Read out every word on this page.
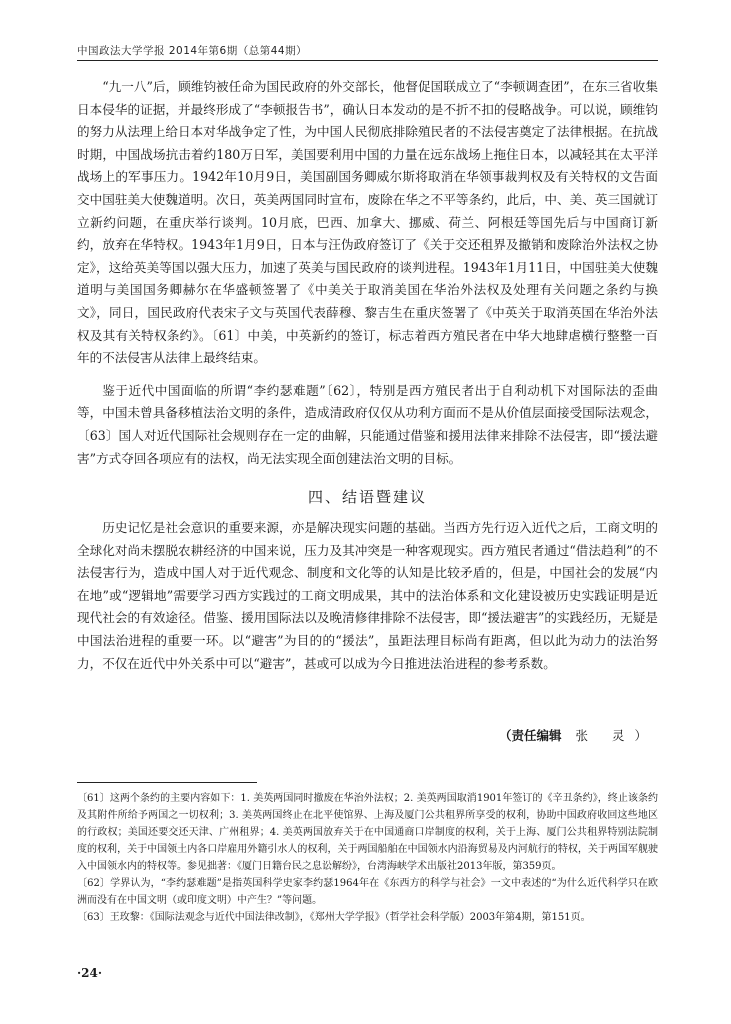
中国政法大学学报 2014年第6期（总第44期）

“九一八”后，顾维钧被任命为国民政府的外交部长，他督促国联成立了“李顿调查团”，在东三省收集日本侵华的证据，并最终形成了“李顿报告书”，确认日本发动的是不折不扣的侵略战争。可以说，顾维钧的努力从法理上给日本对华战争定了性，为中国人民彻底排除殖民者的不法侵害奠定了法律根据。在抗战时期，中国战场抗击着约180万日军，美国要利用中国的力量在远东战场上拖住日本，以减轻其在太平洋战场上的军事压力。1942年10月9日，美国副国务卿威尔斯将取消在华领事裁判权及有关特权的文告面交中国驻美大使魏道明。次日，英美两国同时宣布，废除在华之不平等条约，此后，中、美、英三国就订立新约问题，在重庆举行谈判。10月底，巴西、加拿大、挪威、荷兰、阿根廷等国先后与中国商订新约，放弃在华特权。1943年1月9日，日本与汪伪政府签订了《关于交还租界及撤销和废除治外法权之协定》，这给英美等国以强大压力，加速了英美与国民政府的谈判进程。1943年1月11日，中国驻美大使魏道明与美国国务卿赫尔在华盛顿签署了《中美关于取消美国在华治外法权及处理有关问题之条约与换文》，同日，国民政府代表宋子文与英国代表薛穆、黎吉生在重庆签署了《中英关于取消英国在华治外法权及其有关特权条约》。〔61〕中美，中英新约的签订，标志着西方殖民者在中华大地肆虐横行整整一百年的不法侵害从法律上最终结束。

鉴于近代中国面临的所谓“李约瑟难题”〔62〕，特别是西方殖民者出于自利动机下对国际法的歪曲等，中国未曾具备移植法治文明的条件，造成清政府仅仅从功利方面而不是从价值层面接受国际法观念，〔63〕国人对近代国际社会规则存在一定的曲解，只能通过借鉴和援用法律来排除不法侵害，即“援法避害”方式夺回各项应有的法权，尚无法实现全面创建法治文明的目标。

四、结语暨建议

历史记忆是社会意识的重要来源，亦是解决现实问题的基础。当西方先行迈入近代之后，工商文明的全球化对尚未摆脱农耕经济的中国来说，压力及其冲突是一种客观现实。西方殖民者通过“借法趋利”的不法侵害行为，造成中国人对于近代观念、制度和文化等的认知是比较矛盾的，但是，中国社会的发展“内在地”或“逻辑地”需要学习西方实践过的工商文明成果，其中的法治体系和文化建设被历史实践证明是近现代社会的有效途径。借鉴、援用国际法以及晚清修律排除不法侵害，即“援法避害”的实践经历，无疑是中国法治进程的重要一环。以“避害”为目的的“援法”，虽距法理目标尚有距离，但以此为动力的法治努力，不仅在近代中外关系中可以“避害”，甚或可以成为今日推进法治进程的参考系数。

（责任编辑 张 灵）

〔61〕这两个条约的主要内容如下：1. 美英两国同时撤废在华治外法权；2. 美英两国取消1901年签订的《辛丑条约》，终止该条约及其附件所给予两国之一切权利；3. 美英两国终止在北平使馆界、上海及厦门公共租界所享受的权利，协助中国政府收回这些地区的行政权；美国还要交还天津、广州租界；4. 美英两国放弃关于在中国通商口岸制度的权利，关于上海、厦门公共租界特别法院制度的权利，关于中国领土内各口岸雇用外籍引水人的权利，关于两国船舶在中国领水内沿海贸易及内河航行的特权，关于两国军舰驶入中国领水内的特权等。参见拙著：《厦门日籍台民之息讼解纷》，台湾海峡学术出版社2013年版，第359页。

〔62〕学界认为，“李约瑟难题”是指英国科学史家李约瑟1964年在《东西方的科学与社会》一文中表述的“为什么近代科学只在欧洲而没有在中国文明（或印度文明）中产生？”等问题。

〔63〕王玫黎：《国际法观念与近代中国法律改制》，《郑州大学学报》（哲学社会科学版）2003年第4期，第151页。

·24·
